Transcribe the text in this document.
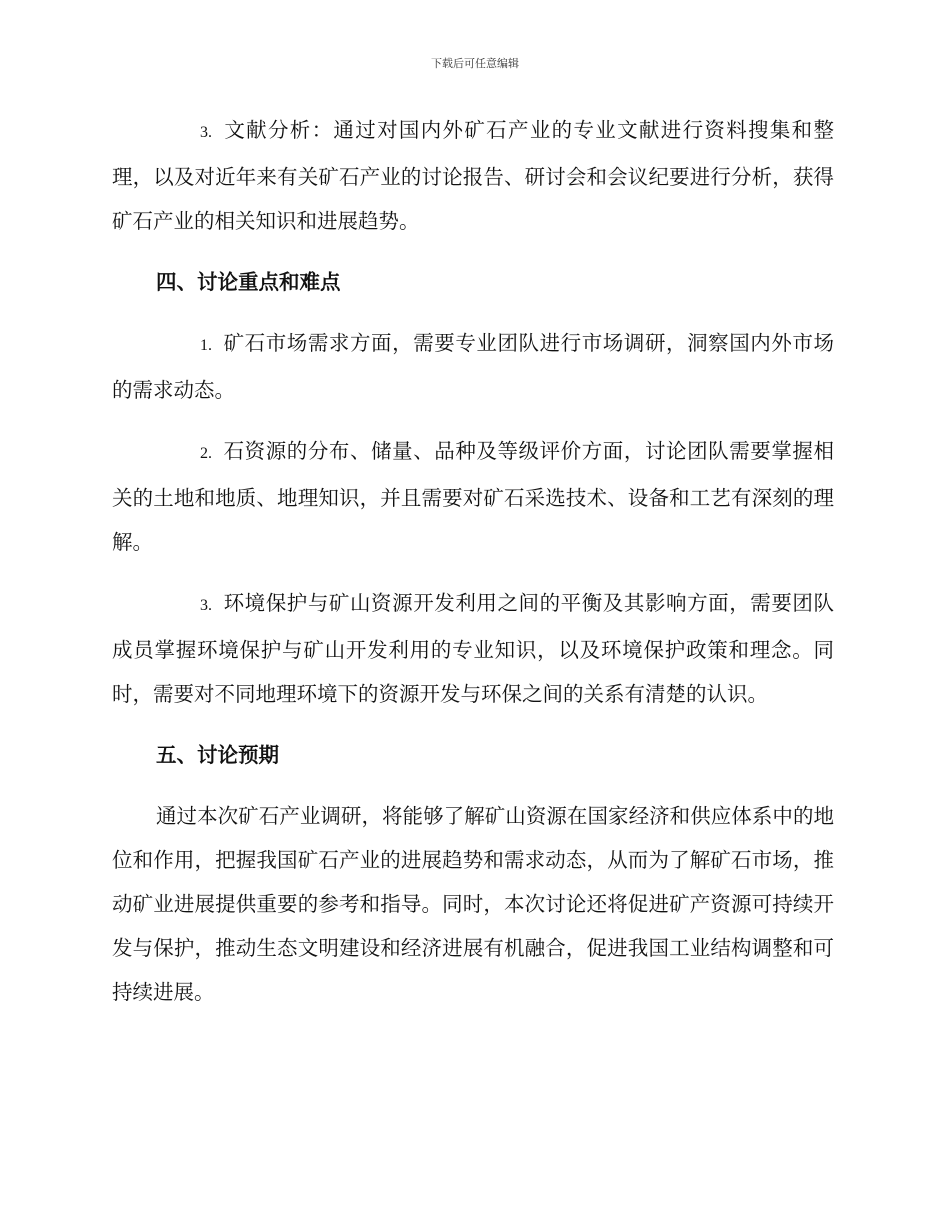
下载后可任意编辑

3. 文献分析：通过对国内外矿石产业的专业文献进行资料搜集和整理，以及对近年来有关矿石产业的讨论报告、研讨会和会议纪要进行分析，获得矿石产业的相关知识和进展趋势。

四、讨论重点和难点

1. 矿石市场需求方面，需要专业团队进行市场调研，洞察国内外市场的需求动态。

2. 石资源的分布、储量、品种及等级评价方面，讨论团队需要掌握相关的土地和地质、地理知识，并且需要对矿石采选技术、设备和工艺有深刻的理解。

3. 环境保护与矿山资源开发利用之间的平衡及其影响方面，需要团队成员掌握环境保护与矿山开发利用的专业知识，以及环境保护政策和理念。同时，需要对不同地理环境下的资源开发与环保之间的关系有清楚的认识。

五、讨论预期

通过本次矿石产业调研，将能够了解矿山资源在国家经济和供应体系中的地位和作用，把握我国矿石产业的进展趋势和需求动态，从而为了解矿石市场，推动矿业进展提供重要的参考和指导。同时，本次讨论还将促进矿产资源可持续开发与保护，推动生态文明建设和经济进展有机融合，促进我国工业结构调整和可持续进展。
